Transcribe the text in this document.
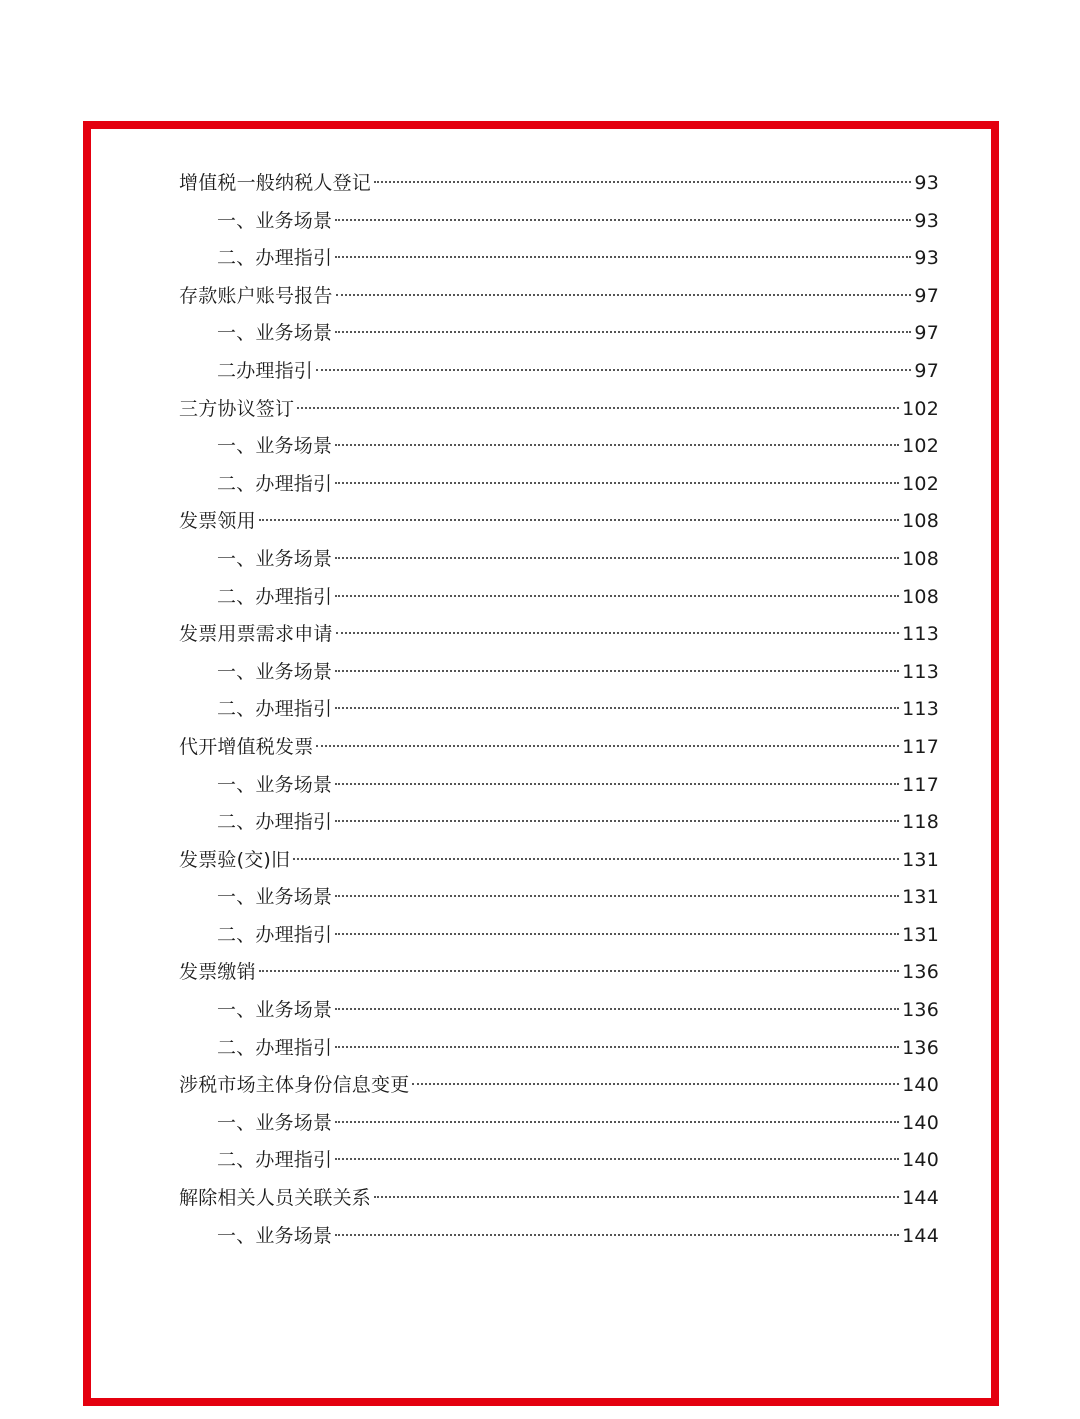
增值税一般纳税人登记	93
一、业务场景	93
二、办理指引	93
存款账户账号报告	97
一、业务场景	97
二办理指引	97
三方协议签订	102
一、业务场景	102
二、办理指引	102
发票领用	108
一、业务场景	108
二、办理指引	108
发票用票需求申请	113
一、业务场景	113
二、办理指引	113
代开增值税发票	117
一、业务场景	117
二、办理指引	118
发票验(交)旧	131
一、业务场景	131
二、办理指引	131
发票缴销	136
一、业务场景	136
二、办理指引	136
涉税市场主体身份信息变更	140
一、业务场景	140
二、办理指引	140
解除相关人员关联关系	144
一、业务场景	144
